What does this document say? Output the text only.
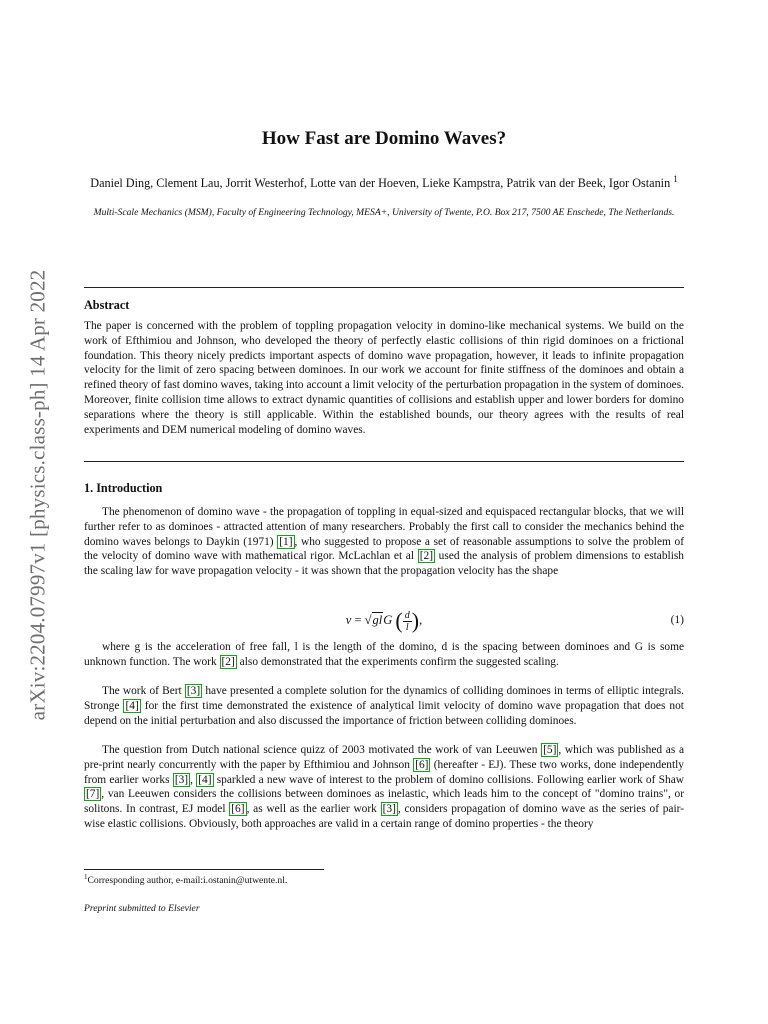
arXiv:2204.07997v1 [physics.class-ph] 14 Apr 2022
How Fast are Domino Waves?
Daniel Ding, Clement Lau, Jorrit Westerhof, Lotte van der Hoeven, Lieke Kampstra, Patrik van der Beek, Igor Ostanin $^1$
Multi-Scale Mechanics (MSM), Faculty of Engineering Technology, MESA+, University of Twente, P.O. Box 217, 7500 AE Enschede, The Netherlands.
Abstract
The paper is concerned with the problem of toppling propagation velocity in domino-like mechanical systems. We build on the work of Efthimiou and Johnson, who developed the theory of perfectly elastic collisions of thin rigid dominoes on a frictional foundation. This theory nicely predicts important aspects of domino wave propagation, however, it leads to infinite propagation velocity for the limit of zero spacing between dominoes. In our work we account for finite stiffness of the dominoes and obtain a refined theory of fast domino waves, taking into account a limit velocity of the perturbation propagation in the system of dominoes. Moreover, finite collision time allows to extract dynamic quantities of collisions and establish upper and lower borders for domino separations where the theory is still applicable. Within the established bounds, our theory agrees with the results of real experiments and DEM numerical modeling of domino waves.
1. Introduction
The phenomenon of domino wave - the propagation of toppling in equal-sized and equispaced rectangular blocks, that we will further refer to as dominoes - attracted attention of many researchers. Probably the first call to consider the mechanics behind the domino waves belongs to Daykin (1971) [1] , who suggested to propose a set of reasonable assumptions to solve the problem of the velocity of domino wave with mathematical rigor. McLachlan et al [2] used the analysis of problem dimensions to establish the scaling law for wave propagation velocity - it was shown that the propagation velocity has the shape
v = √glG ( $\frac{d}{l}$ ),	(1)
where g is the acceleration of free fall, l is the length of the domino, d is the spacing between dominoes and G is some unknown function. The work [2] also demonstrated that the experiments confirm the suggested scaling.
The work of Bert [3] have presented a complete solution for the dynamics of colliding dominoes in terms of elliptic integrals. Stronge [4] for the first time demonstrated the existence of analytical limit velocity of domino wave propagation that does not depend on the initial perturbation and also discussed the importance of friction between colliding dominoes.
The question from Dutch national science quizz of 2003 motivated the work of van Leeuwen [5] , which was published as a pre-print nearly concurrently with the paper by Efthimiou and Johnson [6] (hereafter - EJ). These two works, done independently from earlier works [3] , [4] sparkled a new wave of interest to the problem of domino collisions. Following earlier work of Shaw [7] , van Leeuwen considers the collisions between dominoes as inelastic, which leads him to the concept of "domino trains", or solitons. In contrast, EJ model [6] , as well as the earlier work [3] , considers propagation of domino wave as the series of pair-wise elastic collisions. Obviously, both approaches are valid in a certain range of domino properties - the theory
$^1$Corresponding author, e-mail:i.ostanin@utwente.nl.
Preprint submitted to Elsevier
